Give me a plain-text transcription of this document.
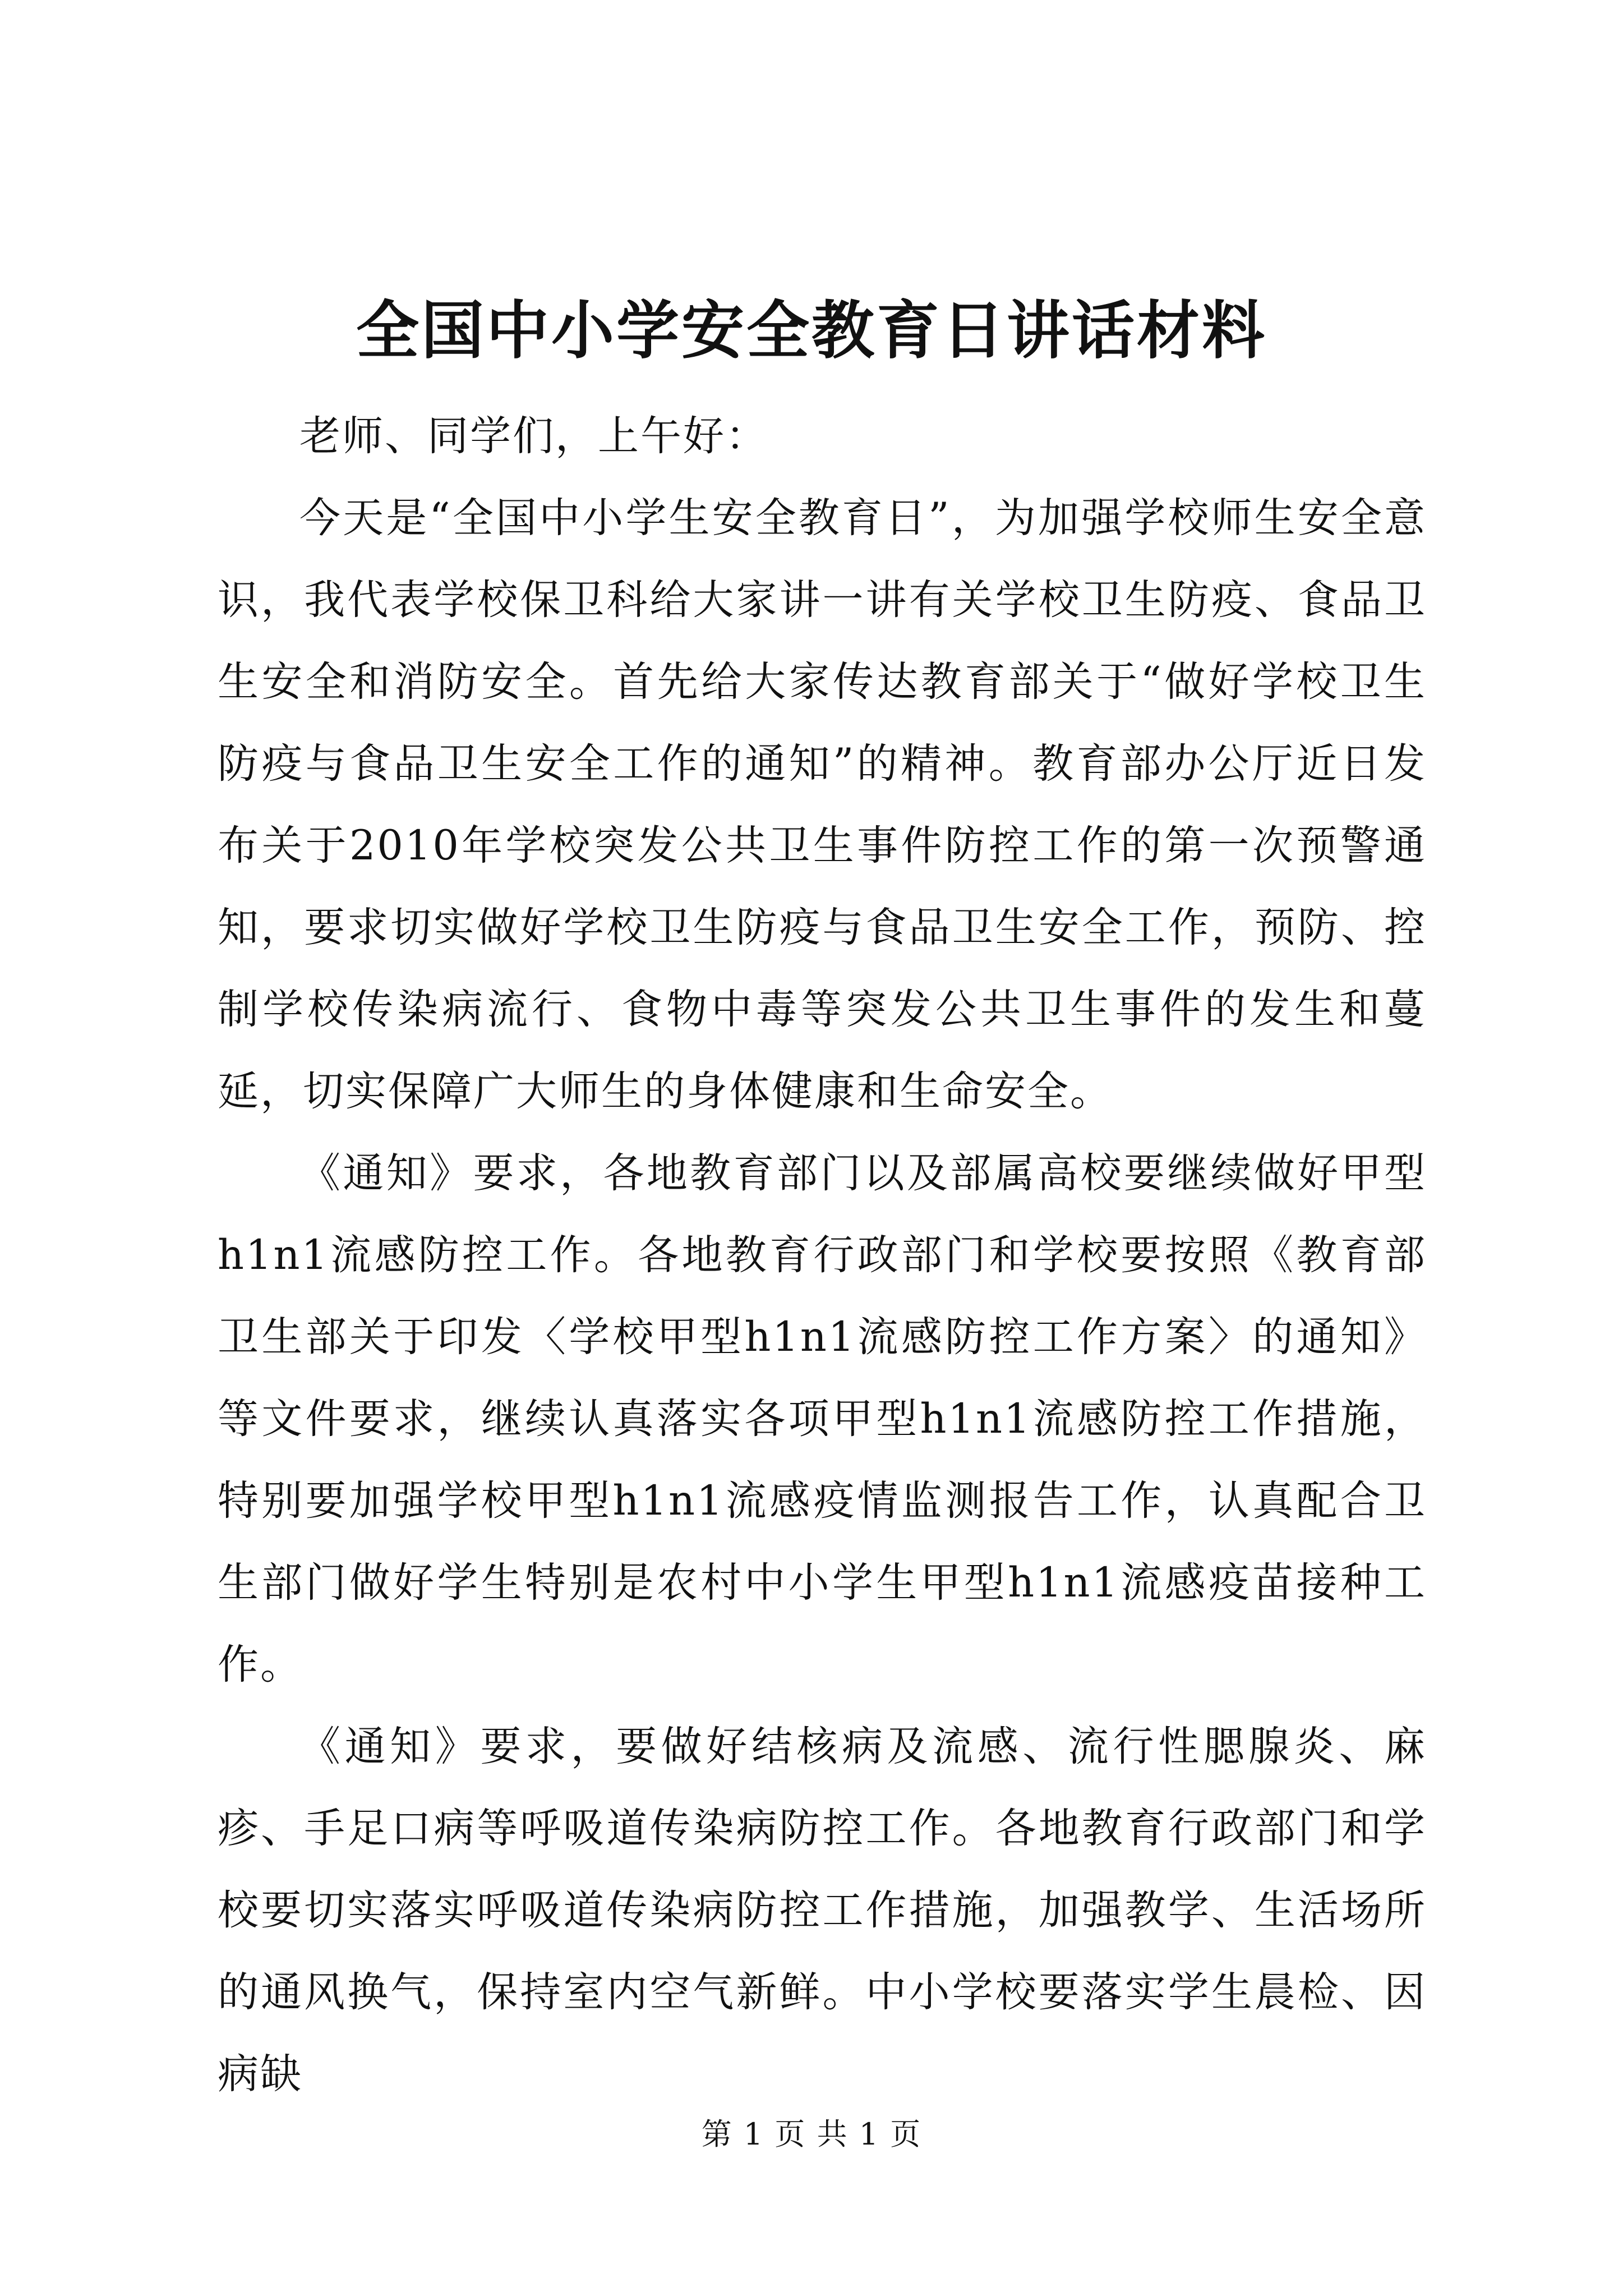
全国中小学安全教育日讲话材料

老师、同学们，上午好：

今天是“全国中小学生安全教育日”，为加强学校师生安全意识，我代表学校保卫科给大家讲一讲有关学校卫生防疫、食品卫生安全和消防安全。首先给大家传达教育部关于“做好学校卫生防疫与食品卫生安全工作的通知”的精神。教育部办公厅近日发布关于2010年学校突发公共卫生事件防控工作的第一次预警通知，要求切实做好学校卫生防疫与食品卫生安全工作，预防、控制学校传染病流行、食物中毒等突发公共卫生事件的发生和蔓延，切实保障广大师生的身体健康和生命安全。

《通知》要求，各地教育部门以及部属高校要继续做好甲型h1n1流感防控工作。各地教育行政部门和学校要按照《教育部卫生部关于印发〈学校甲型h1n1流感防控工作方案〉的通知》等文件要求，继续认真落实各项甲型h1n1流感防控工作措施，特别要加强学校甲型h1n1流感疫情监测报告工作，认真配合卫生部门做好学生特别是农村中小学生甲型h1n1流感疫苗接种工作。

《通知》要求，要做好结核病及流感、流行性腮腺炎、麻疹、手足口病等呼吸道传染病防控工作。各地教育行政部门和学校要切实落实呼吸道传染病防控工作措施，加强教学、生活场所的通风换气，保持室内空气新鲜。中小学校要落实学生晨检、因病缺

第 1 页 共 1 页
